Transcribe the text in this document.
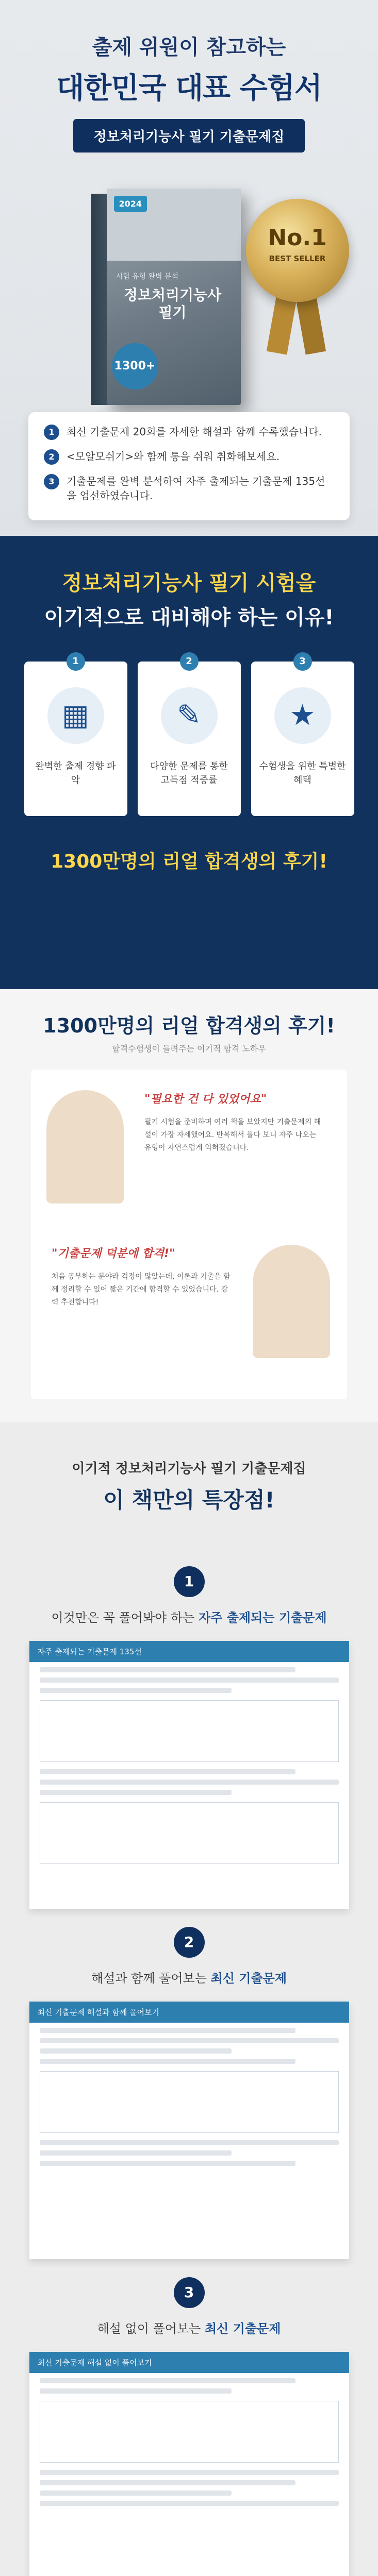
출제 위원이 참고하는
대한민국 대표 수험서
정보처리기능사 필기 기출문제집
2024
시험 유형 완벽 분석
정보처리기능사 필기
1300+
No.1
BEST SELLER
1	최신 기출문제 20회를 자세한 해설과 함께 수록했습니다.
2	<모알모쉬기>와 함께 통을 쉬워 취화해보세요.
3	기출문제를 완벽 분석하여 자주 출제되는 기출문제 135선을 엄선하였습니다.
정보처리기능사 필기 시험을
이기적으로 대비해야 하는 이유!
1
▦
완벽한 출제 경향 파악
2
✎
다양한 문제를 통한 고득점 적중률
3
★
수험생을 위한 특별한 혜택
1300만명의 리얼 합격생의 후기!
1300만명의 리얼 합격생의 후기!
합격수험생이 들려주는 이기적 합격 노하우
"필요한 건 다 있었어요"
필기 시험을 준비하며 여러 책을 보았지만 기출문제의 해설이 가장 자세했어요. 반복해서 풀다 보니 자주 나오는 유형이 자연스럽게 익혀졌습니다.
"기출문제 덕분에 합격!"
처음 공부하는 분야라 걱정이 많았는데, 이론과 기출을 함께 정리할 수 있어 짧은 기간에 합격할 수 있었습니다. 강력 추천합니다!
이기적 정보처리기능사 필기 기출문제집
이 책만의 특장점!
1
이것만은 꼭 풀어봐야 하는 자주 출제되는 기출문제
자주 출제되는 기출문제 135선
2
해설과 함께 풀어보는 최신 기출문제
최신 기출문제 해설과 함께 풀어보기
3
해설 없이 풀어보는 최신 기출문제
최신 기출문제 해설 없이 풀어보기
